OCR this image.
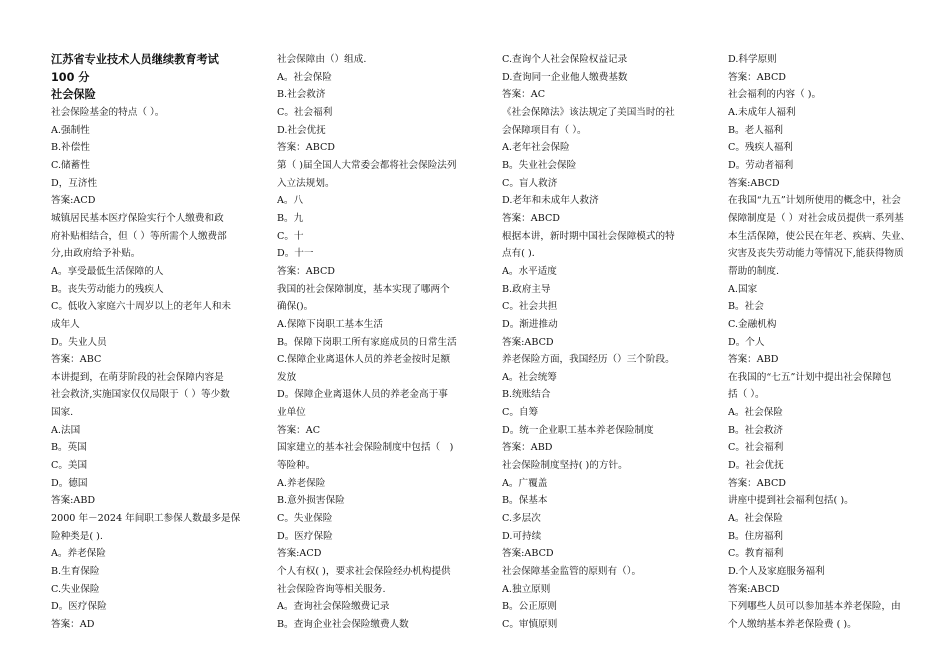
江苏省专业技术人员继续教育考试
100 分
社会保险
社会保险基金的特点（ ）。
A.强制性
B.补偿性
C.储蓄性
D，互济性
答案:ACD
城镇居民基本医疗保险实行个人缴费和政
府补贴相结合，但（ ）等所需个人缴费部
分,由政府给予补贴。
A。享受最低生活保障的人
B。丧失劳动能力的残疾人
C。低收入家庭六十周岁以上的老年人和未
成年人
D。失业人员
答案：ABC
本讲提到，在萌芽阶段的社会保障内容是
社会救济,实施国家仅仅局限于（ ）等少数
国家.
A.法国
B。英国
C。美国
D。德国
答案:ABD
2000 年－2024 年间职工参保人数最多是保
险种类是( ).
A。养老保险
B.生育保险
C.失业保险
D。医疗保险
答案：AD
社会保障由（）组成.
A。社会保险
B.社会救济
C。社会福利
D.社会优抚
答案：ABCD
第（ )届全国人大常委会都将社会保险法列
入立法规划。
A。八
B。九
C。十
D。十一
答案：ABCD
我国的社会保障制度，基本实现了哪两个
确保()。
A.保障下岗职工基本生活
B。保障下岗职工所有家庭成员的日常生活
C.保障企业离退休人员的养老金按时足额
发放
D。保障企业离退休人员的养老金高于事
业单位
答案：AC
国家建立的基本社会保险制度中包括（　)
等险种。
A.养老保险
B.意外损害保险
C。失业保险
D。医疗保险
答案:ACD
个人有权( )，要求社会保险经办机构提供
社会保险咨询等相关服务.
A。查询社会保险缴费记录
B。查询企业社会保险缴费人数
C.查询个人社会保险权益记录
D.查询同一企业他人缴费基数
答案：AC
《社会保障法》该法规定了美国当时的社
会保障项目有（ ）。
A.老年社会保险
B。失业社会保险
C。盲人救济
D.老年和未成年人救济
答案：ABCD
根据本讲，新时期中国社会保障模式的特
点有( )．
A。水平适度
B.政府主导
C。社会共担
D。渐进推动
答案:ABCD
养老保险方面，我国经历（）三个阶段。
A。社会统筹
B.统账结合
C。自筹
D。统一企业职工基本养老保险制度
答案：ABD
社会保险制度坚持( )的方针。
A。广覆盖
B。保基本
C.多层次
D.可持续
答案:ABCD
社会保障基金监管的原则有（）。
A.独立原则
B。公正原则
C。审慎原则
D.科学原则
答案：ABCD
社会福利的内容（ )。
A.未成年人福利
B。老人福利
C。残疾人福利
D。劳动者福利
答案:ABCD
在我国“九五”计划所使用的概念中，社会
保障制度是（ ）对社会成员提供一系列基
本生活保障，使公民在年老、疾病、失业、
灾害及丧失劳动能力等情况下,能获得物质
帮助的制度.
A.国家
B。社会
C.金融机构
D。个人
答案：ABD
在我国的“七五”计划中提出社会保障包
括（ ）。
A。社会保险
B。社会救济
C。社会福利
D。社会优抚
答案：ABCD
讲座中提到社会福利包括( )。
A。社会保险
B。住房福利
C。教育福利
D.个人及家庭服务福利
答案:ABCD
下列哪些人员可以参加基本养老保险，由
个人缴纳基本养老保险费 ( )。
